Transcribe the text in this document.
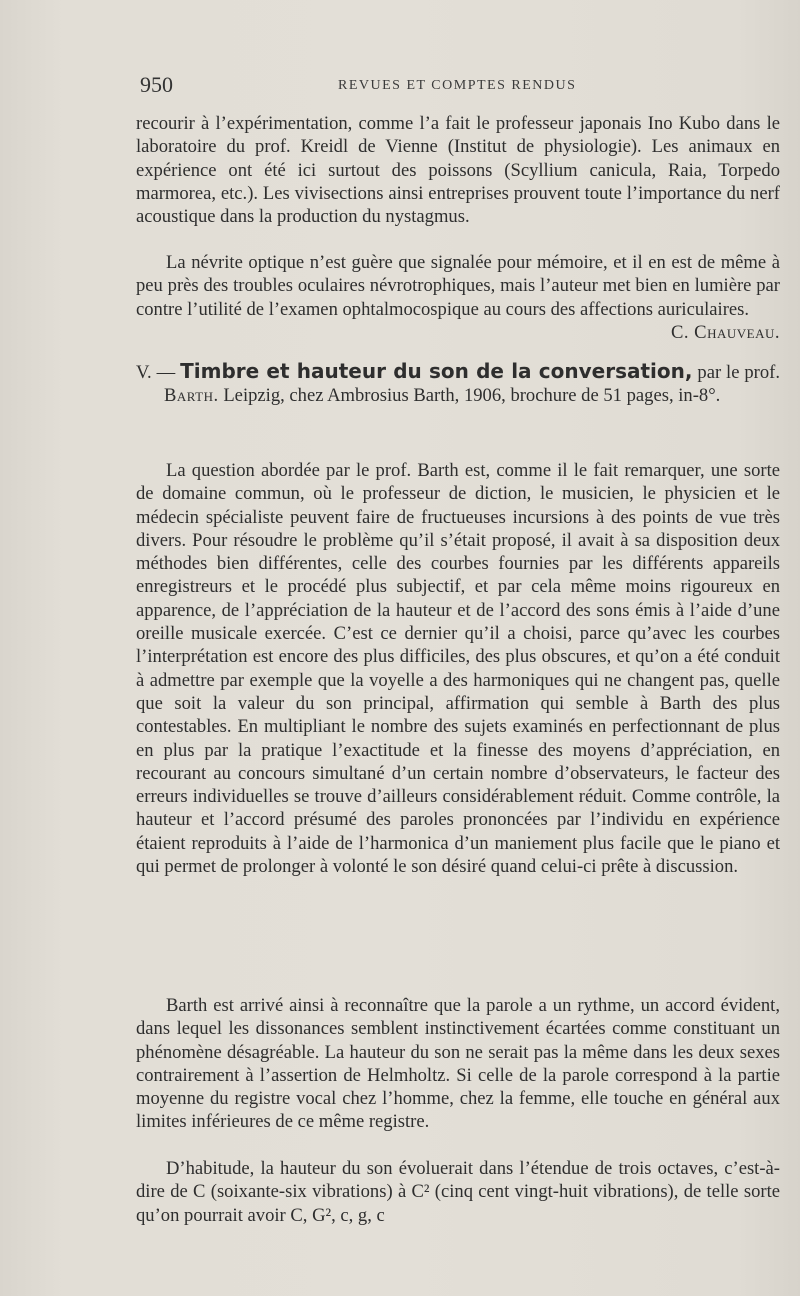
950	REVUES ET COMPTES RENDUS

recourir à l’expérimentation, comme l’a fait le professeur japonais Ino Kubo dans le laboratoire du prof. Kreidl de Vienne (Institut de physiologie). Les animaux en expérience ont été ici surtout des poissons (Scyllium canicula, Raia, Torpedo marmorea, etc.). Les vivisections ainsi entreprises prouvent toute l’importance du nerf acoustique dans la production du nystagmus.

La névrite optique n’est guère que signalée pour mémoire, et il en est de même à peu près des troubles oculaires névrotrophiques, mais l’auteur met bien en lumière par contre l’utilité de l’examen ophtalmocospique au cours des affections auriculaires.
C. Chauveau.

V. — Timbre et hauteur du son de la conversation, par le prof. Barth. Leipzig, chez Ambrosius Barth, 1906, brochure de 51 pages, in-8°.

La question abordée par le prof. Barth est, comme il le fait remarquer, une sorte de domaine commun, où le professeur de diction, le musicien, le physicien et le médecin spécialiste peuvent faire de fructueuses incursions à des points de vue très divers. Pour résoudre le problème qu’il s’était proposé, il avait à sa disposition deux méthodes bien différentes, celle des courbes fournies par les différents appareils enregistreurs et le procédé plus subjectif, et par cela même moins rigoureux en apparence, de l’appréciation de la hauteur et de l’accord des sons émis à l’aide d’une oreille musicale exercée. C’est ce dernier qu’il a choisi, parce qu’avec les courbes l’interprétation est encore des plus difficiles, des plus obscures, et qu’on a été conduit à admettre par exemple que la voyelle a des harmoniques qui ne changent pas, quelle que soit la valeur du son principal, affirmation qui semble à Barth des plus contestables. En multipliant le nombre des sujets examinés en perfectionnant de plus en plus par la pratique l’exactitude et la finesse des moyens d’appréciation, en recourant au concours simultané d’un certain nombre d’observateurs, le facteur des erreurs individuelles se trouve d’ailleurs considérablement réduit. Comme contrôle, la hauteur et l’accord présumé des paroles prononcées par l’individu en expérience étaient reproduits à l’aide de l’harmonica d’un maniement plus facile que le piano et qui permet de prolonger à volonté le son désiré quand celui-ci prête à discussion.

Barth est arrivé ainsi à reconnaître que la parole a un rythme, un accord évident, dans lequel les dissonances semblent instinctivement écartées comme constituant un phénomène désagréable. La hauteur du son ne serait pas la même dans les deux sexes contrairement à l’assertion de Helmholtz. Si celle de la parole correspond à la partie moyenne du registre vocal chez l’homme, chez la femme, elle touche en général aux limites inférieures de ce même registre.

D’habitude, la hauteur du son évoluerait dans l’étendue de trois octaves, c’est-à-dire de C (soixante-six vibrations) à C² (cinq cent vingt-huit vibrations), de telle sorte qu’on pourrait avoir C, G², c, g, c
